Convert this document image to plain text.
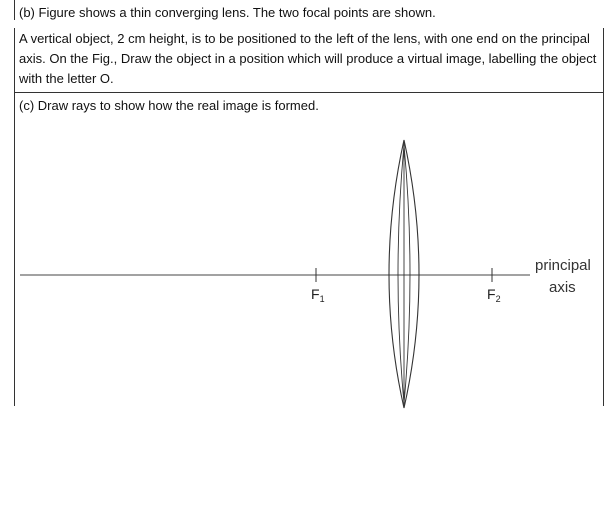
(b) Figure shows a thin converging lens. The two focal points are shown.
A vertical object, 2 cm height, is to be positioned to the left of the lens, with one end on the principal
axis. On the Fig., Draw the object in a position which will produce a virtual image, labelling the object
with the letter O.
(c) Draw rays to show how the real image is formed.
$F_1$	$F_2$
principal
axis
